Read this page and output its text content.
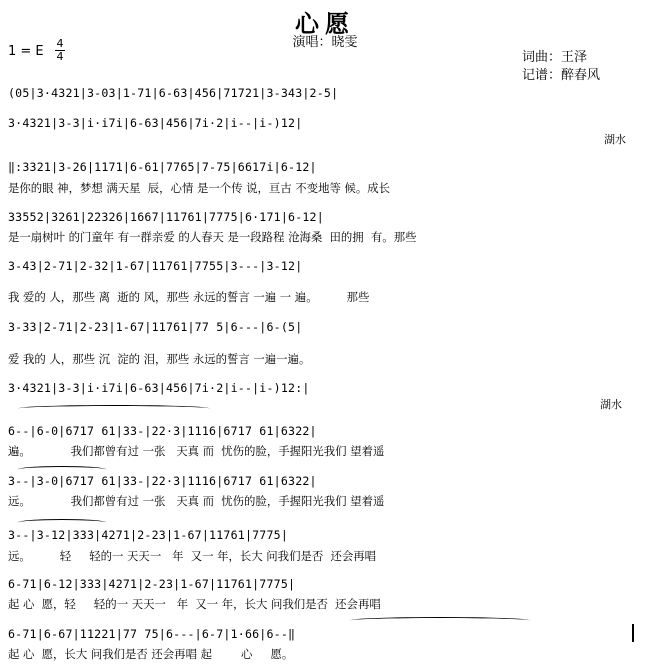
心愿
演唱：晓雯
1 = E
4
4	词曲：王泽
记谱：醉春风
(05|3·4321|3-03|1-71|6-63|456|71721|3-343|2-5|
3·4321|3-3|i·i7i|6-63|456|7i·2|i--|i-)12|
湖水
‖:3321|3-26|1171|6-61|7765|7-75|6617i|6-12|
是你的眼 神，梦想 满天星  辰，心情 是一个传 说，亘古 不变地等 候。成长
33552|3261|22326|1667|11761|7775|6·171|6-12|
是一扇树叶 的门童年 有一群亲爱 的人春天 是一段路程 沧海桑  田的拥  有。那些
3-43|2-71|2-32|1-67|11761|7755|3---|3-12|
我 爱的 人，那些 离  逝的 风，那些 永远的誓言 一遍 一 遍。        那些
3-33|2-71|2-23|1-67|11761|77 5|6---|6-(5|
爱 我的 人，那些 沉  淀的 泪，那些 永远的誓言 一遍一遍。
3·4321|3-3|i·i7i|6-63|456|7i·2|i--|i-)12:|
湖水
6--|6-0|6717 61|33-|22·3|1116|6717 61|6322|
遍。           我们都曾有过 一张   天真 而  忧伤的脸，手握阳光我们 望着遥
3--|3-0|6717 61|33-|22·3|1116|6717 61|6322|
远。           我们都曾有过 一张   天真 而  忧伤的脸，手握阳光我们 望着遥
3--|3-12|333|4271|2-23|1-67|11761|7775|
远。        轻     轻的一 天天一   年  又一 年，长大 问我们是否  还会再唱
6-71|6-12|333|4271|2-23|1-67|11761|7775|
起 心  愿，轻     轻的一 天天一   年  又一 年，长大 问我们是否  还会再唱
6-71|6-67|11221|77 75|6---|6-7|1·66|6--‖
起 心  愿，长大 问我们是否 还会再唱 起        心     愿。
